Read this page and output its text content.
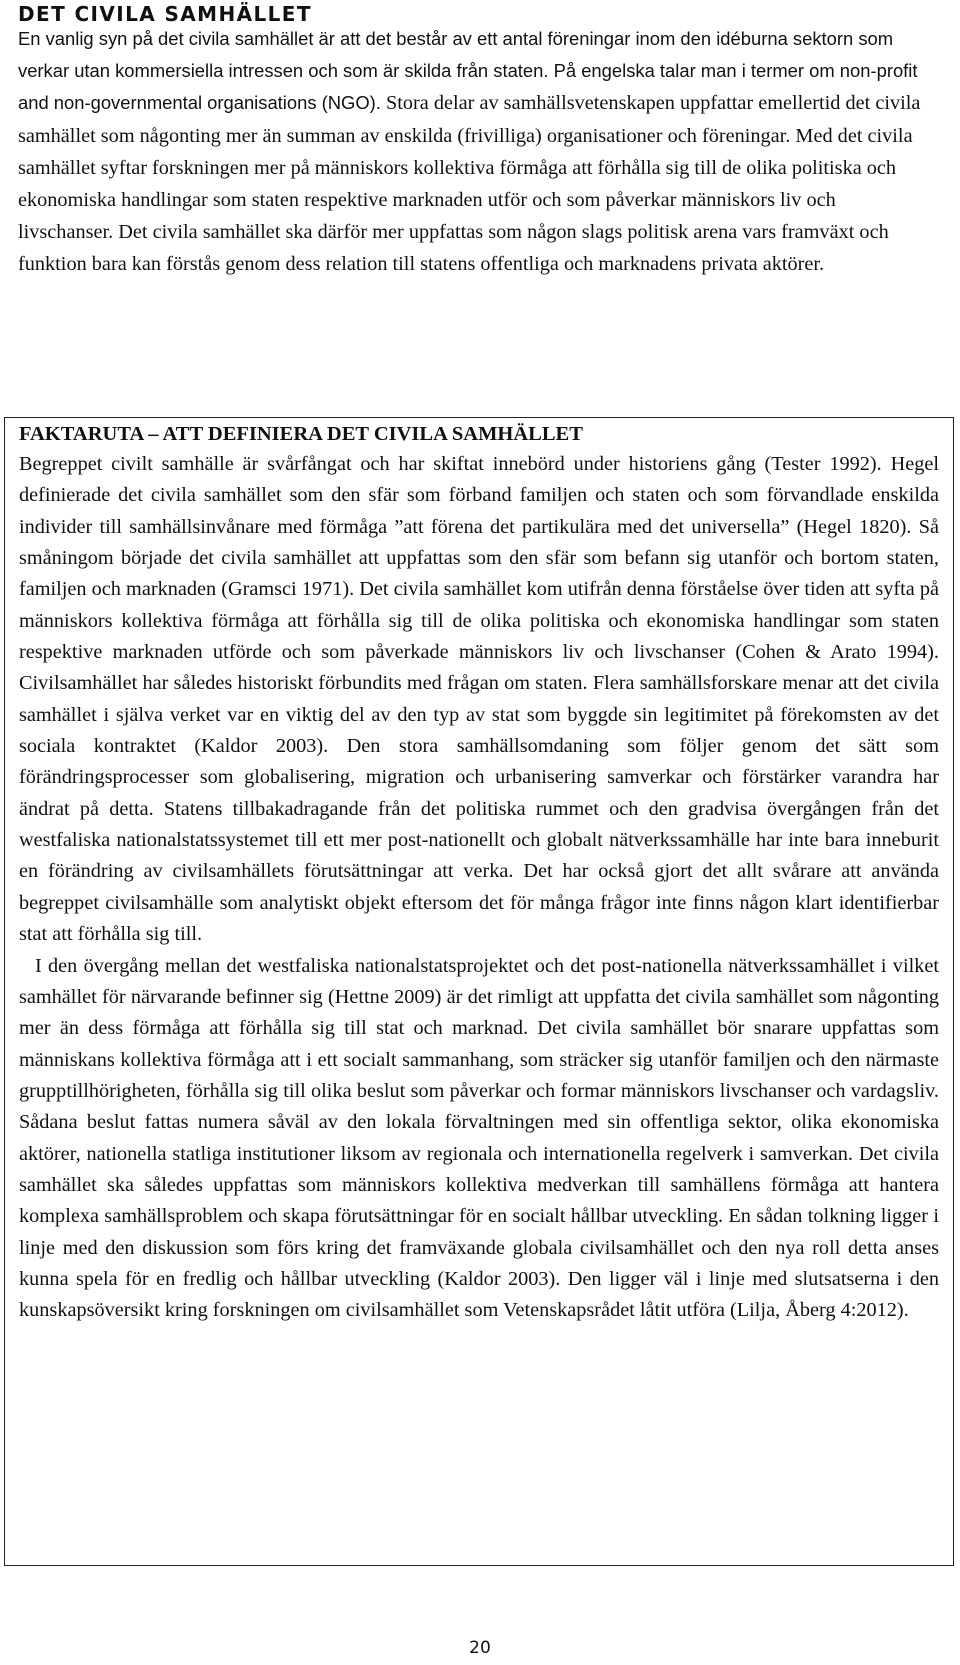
DET CIVILA SAMHÄLLET

En vanlig syn på det civila samhället är att det består av ett antal föreningar inom den idéburna sektorn som verkar utan kommersiella intressen och som är skilda från staten. På engelska talar man i termer om non-profit and non-governmental organisations (NGO). Stora delar av samhällsvetenskapen uppfattar emellertid det civila samhället som någonting mer än summan av enskilda (frivilliga) organisationer och föreningar. Med det civila samhället syftar forskningen mer på människors kollektiva förmåga att förhålla sig till de olika politiska och ekonomiska handlingar som staten respektive marknaden utför och som påverkar människors liv och livschanser. Det civila samhället ska därför mer uppfattas som någon slags politisk arena vars framväxt och funktion bara kan förstås genom dess relation till statens offentliga och marknadens privata aktörer.

FAKTARUTA – ATT DEFINIERA DET CIVILA SAMHÄLLET

Begreppet civilt samhälle är svårfångat och har skiftat innebörd under historiens gång (Tester 1992). Hegel definierade det civila samhället som den sfär som förband familjen och staten och som förvandlade enskilda individer till samhällsinvånare med förmåga ”att förena det partikulära med det universella” (Hegel 1820). Så småningom började det civila samhället att uppfattas som den sfär som befann sig utanför och bortom staten, familjen och marknaden (Gramsci 1971). Det civila samhället kom utifrån denna förståelse över tiden att syfta på människors kollektiva förmåga att förhålla sig till de olika politiska och ekonomiska handlingar som staten respektive marknaden utförde och som påverkade människors liv och livschanser (Cohen & Arato 1994). Civilsamhället har således historiskt förbundits med frågan om staten. Flera samhällsforskare menar att det civila samhället i själva verket var en viktig del av den typ av stat som byggde sin legitimitet på förekomsten av det sociala kontraktet (Kaldor 2003). Den stora samhällsomdaning som följer genom det sätt som förändringsprocesser som globalisering, migration och urbanisering samverkar och förstärker varandra har ändrat på detta. Statens tillbakadragande från det politiska rummet och den gradvisa övergången från det westfaliska nationalstatssystemet till ett mer post-nationellt och globalt nätverkssamhälle har inte bara inneburit en förändring av civilsamhällets förutsättningar att verka. Det har också gjort det allt svårare att använda begreppet civilsamhälle som analytiskt objekt eftersom det för många frågor inte finns någon klart identifierbar stat att förhålla sig till.

I den övergång mellan det westfaliska nationalstatsprojektet och det post-nationella nätverkssamhället i vilket samhället för närvarande befinner sig (Hettne 2009) är det rimligt att uppfatta det civila samhället som någonting mer än dess förmåga att förhålla sig till stat och marknad. Det civila samhället bör snarare uppfattas som människans kollektiva förmåga att i ett socialt sammanhang, som sträcker sig utanför familjen och den närmaste grupptillhörigheten, förhålla sig till olika beslut som påverkar och formar människors livschanser och vardagsliv. Sådana beslut fattas numera såväl av den lokala förvaltningen med sin offentliga sektor, olika ekonomiska aktörer, nationella statliga institutioner liksom av regionala och internationella regelverk i samverkan. Det civila samhället ska således uppfattas som människors kollektiva medverkan till samhällens förmåga att hantera komplexa samhällsproblem och skapa förutsättningar för en socialt hållbar utveckling. En sådan tolkning ligger i linje med den diskussion som förs kring det framväxande globala civilsamhället och den nya roll detta anses kunna spela för en fredlig och hållbar utveckling (Kaldor 2003). Den ligger väl i linje med slutsatserna i den kunskapsöversikt kring forskningen om civilsamhället som Vetenskapsrådet låtit utföra (Lilja, Åberg 4:2012).

20
